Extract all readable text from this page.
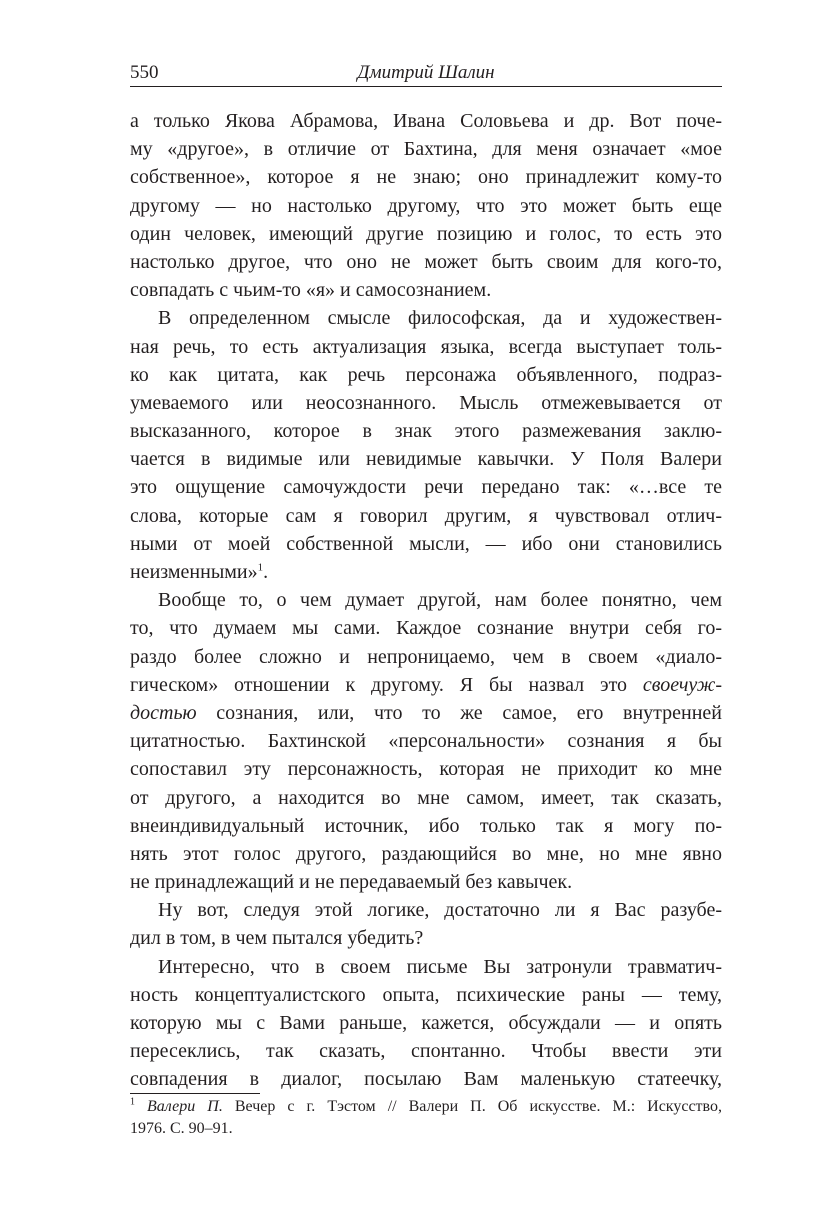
550	Дмитрий Шалин
а только Якова Абрамова, Ивана Соловьева и др. Вот поче-
му «другое», в отличие от Бахтина, для меня означает «мое
собственное», которое я не знаю; оно принадлежит кому-то
другому — но настолько другому, что это может быть еще
один человек, имеющий другие позицию и голос, то есть это
настолько другое, что оно не может быть своим для кого-то,
совпадать с чьим-то «я» и самосознанием.
В определенном смысле философская, да и художествен-
ная речь, то есть актуализация языка, всегда выступает толь-
ко как цитата, как речь персонажа объявленного, подраз-
умеваемого или неосознанного. Мысль отмежевывается от
высказанного, которое в знак этого размежевания заклю-
чается в видимые или невидимые кавычки. У Поля Валери
это ощущение самочуждости речи передано так: «…все те
слова, которые сам я говорил другим, я чувствовал отлич-
ными от моей собственной мысли, — ибо они становились
неизменными»$^1$.
Вообще то, о чем думает другой, нам более понятно, чем
то, что думаем мы сами. Каждое сознание внутри себя го-
раздо более сложно и непроницаемо, чем в своем «диало-
гическом» отношении к другому. Я бы назвал это своечуж-
достью сознания, или, что то же самое, его внутренней
цитатностью. Бахтинской «персональности» сознания я бы
сопоставил эту персонажность, которая не приходит ко мне
от другого, а находится во мне самом, имеет, так сказать,
внеиндивидуальный источник, ибо только так я могу по-
нять этот голос другого, раздающийся во мне, но мне явно
не принадлежащий и не передаваемый без кавычек.
Ну вот, следуя этой логике, достаточно ли я Вас разубе-
дил в том, в чем пытался убедить?
Интересно, что в своем письме Вы затронули травматич-
ность концептуалистского опыта, психические раны — тему,
которую мы с Вами раньше, кажется, обсуждали — и опять
пересеклись, так сказать, спонтанно. Чтобы ввести эти
совпадения в диалог, посылаю Вам маленькую статеечку,
$^1$ Валери П. Вечер с г. Тэстом // Валери П. Об искусстве. М.: Искусство,
1976. С. 90–91.
